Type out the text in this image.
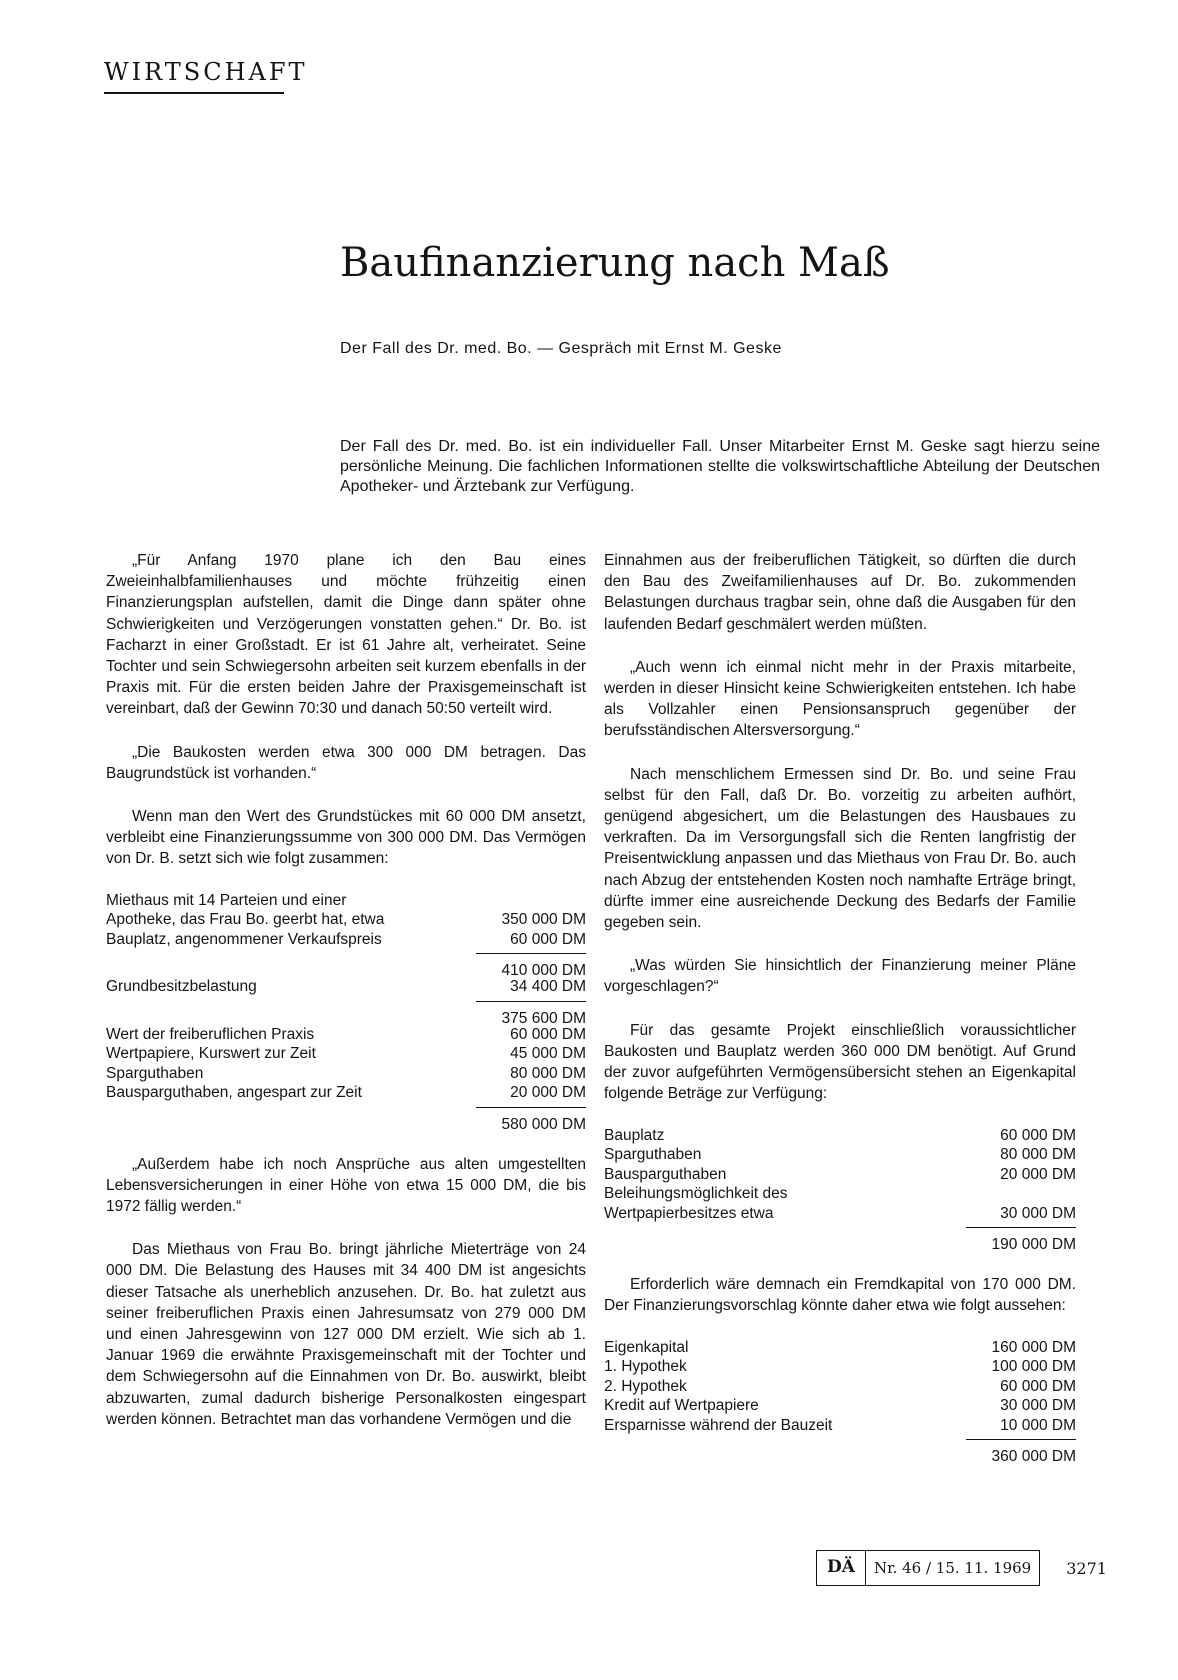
WIRTSCHAFT
Baufinanzierung nach Maß
Der Fall des Dr. med. Bo. — Gespräch mit Ernst M. Geske
Der Fall des Dr. med. Bo. ist ein individueller Fall. Unser Mitarbeiter Ernst M. Geske sagt hierzu seine persönliche Meinung. Die fachlichen Informationen stellte die volkswirtschaftliche Abteilung der Deutschen Apotheker- und Ärztebank zur Verfügung.

„Für Anfang 1970 plane ich den Bau eines Zweieinhalbfamilienhauses und möchte frühzeitig einen Finanzierungsplan aufstellen, damit die Dinge dann später ohne Schwierigkeiten und Verzögerungen vonstatten gehen.“ Dr. Bo. ist Facharzt in einer Großstadt. Er ist 61 Jahre alt, verheiratet. Seine Tochter und sein Schwiegersohn arbeiten seit kurzem ebenfalls in der Praxis mit. Für die ersten beiden Jahre der Praxisgemeinschaft ist vereinbart, daß der Gewinn 70:30 und danach 50:50 verteilt wird.

„Die Baukosten werden etwa 300 000 DM betragen. Das Baugrundstück ist vorhanden.“

Wenn man den Wert des Grundstückes mit 60 000 DM ansetzt, verbleibt eine Finanzierungssumme von 300 000 DM. Das Vermögen von Dr. B. setzt sich wie folgt zusammen:

Miethaus mit 14 Parteien und einer
Apotheke, das Frau Bo. geerbt hat, etwa	350 000 DM
Bauplatz, angenommener Verkaufspreis	60 000 DM
410 000 DM
Grundbesitzbelastung	34 400 DM
375 600 DM
Wert der freiberuflichen Praxis	60 000 DM
Wertpapiere, Kurswert zur Zeit	45 000 DM
Sparguthaben	80 000 DM
Bausparguthaben, angespart zur Zeit	20 000 DM
580 000 DM

„Außerdem habe ich noch Ansprüche aus alten umgestellten Lebensversicherungen in einer Höhe von etwa 15 000 DM, die bis 1972 fällig werden.“

Das Miethaus von Frau Bo. bringt jährliche Mieterträge von 24 000 DM. Die Belastung des Hauses mit 34 400 DM ist angesichts dieser Tatsache als unerheblich anzusehen. Dr. Bo. hat zuletzt aus seiner freiberuflichen Praxis einen Jahresumsatz von 279 000 DM und einen Jahresgewinn von 127 000 DM erzielt. Wie sich ab 1. Januar 1969 die erwähnte Praxisgemeinschaft mit der Tochter und dem Schwiegersohn auf die Einnahmen von Dr. Bo. auswirkt, bleibt abzuwarten, zumal dadurch bisherige Personalkosten eingespart werden können. Betrachtet man das vorhandene Vermögen und die

Einnahmen aus der freiberuflichen Tätigkeit, so dürften die durch den Bau des Zweifamilienhauses auf Dr. Bo. zukommenden Belastungen durchaus tragbar sein, ohne daß die Ausgaben für den laufenden Bedarf geschmälert werden müßten.

„Auch wenn ich einmal nicht mehr in der Praxis mitarbeite, werden in dieser Hinsicht keine Schwierigkeiten entstehen. Ich habe als Vollzahler einen Pensionsanspruch gegenüber der berufsständischen Altersversorgung.“

Nach menschlichem Ermessen sind Dr. Bo. und seine Frau selbst für den Fall, daß Dr. Bo. vorzeitig zu arbeiten aufhört, genügend abgesichert, um die Belastungen des Hausbaues zu verkraften. Da im Versorgungsfall sich die Renten langfristig der Preisentwicklung anpassen und das Miethaus von Frau Dr. Bo. auch nach Abzug der entstehenden Kosten noch namhafte Erträge bringt, dürfte immer eine ausreichende Deckung des Bedarfs der Familie gegeben sein.

„Was würden Sie hinsichtlich der Finanzierung meiner Pläne vorgeschlagen?“

Für das gesamte Projekt einschließlich voraussichtlicher Baukosten und Bauplatz werden 360 000 DM benötigt. Auf Grund der zuvor aufgeführten Vermögensübersicht stehen an Eigenkapital folgende Beträge zur Verfügung:

Bauplatz	60 000 DM
Sparguthaben	80 000 DM
Bausparguthaben	20 000 DM
Beleihungsmöglichkeit des
Wertpapierbesitzes etwa	30 000 DM
190 000 DM

Erforderlich wäre demnach ein Fremdkapital von 170 000 DM. Der Finanzierungsvorschlag könnte daher etwa wie folgt aussehen:

Eigenkapital	160 000 DM
1. Hypothek	100 000 DM
2. Hypothek	60 000 DM
Kredit auf Wertpapiere	30 000 DM
Ersparnisse während der Bauzeit	10 000 DM
360 000 DM
DÄ	Nr. 46 / 15. 11. 1969	3271
